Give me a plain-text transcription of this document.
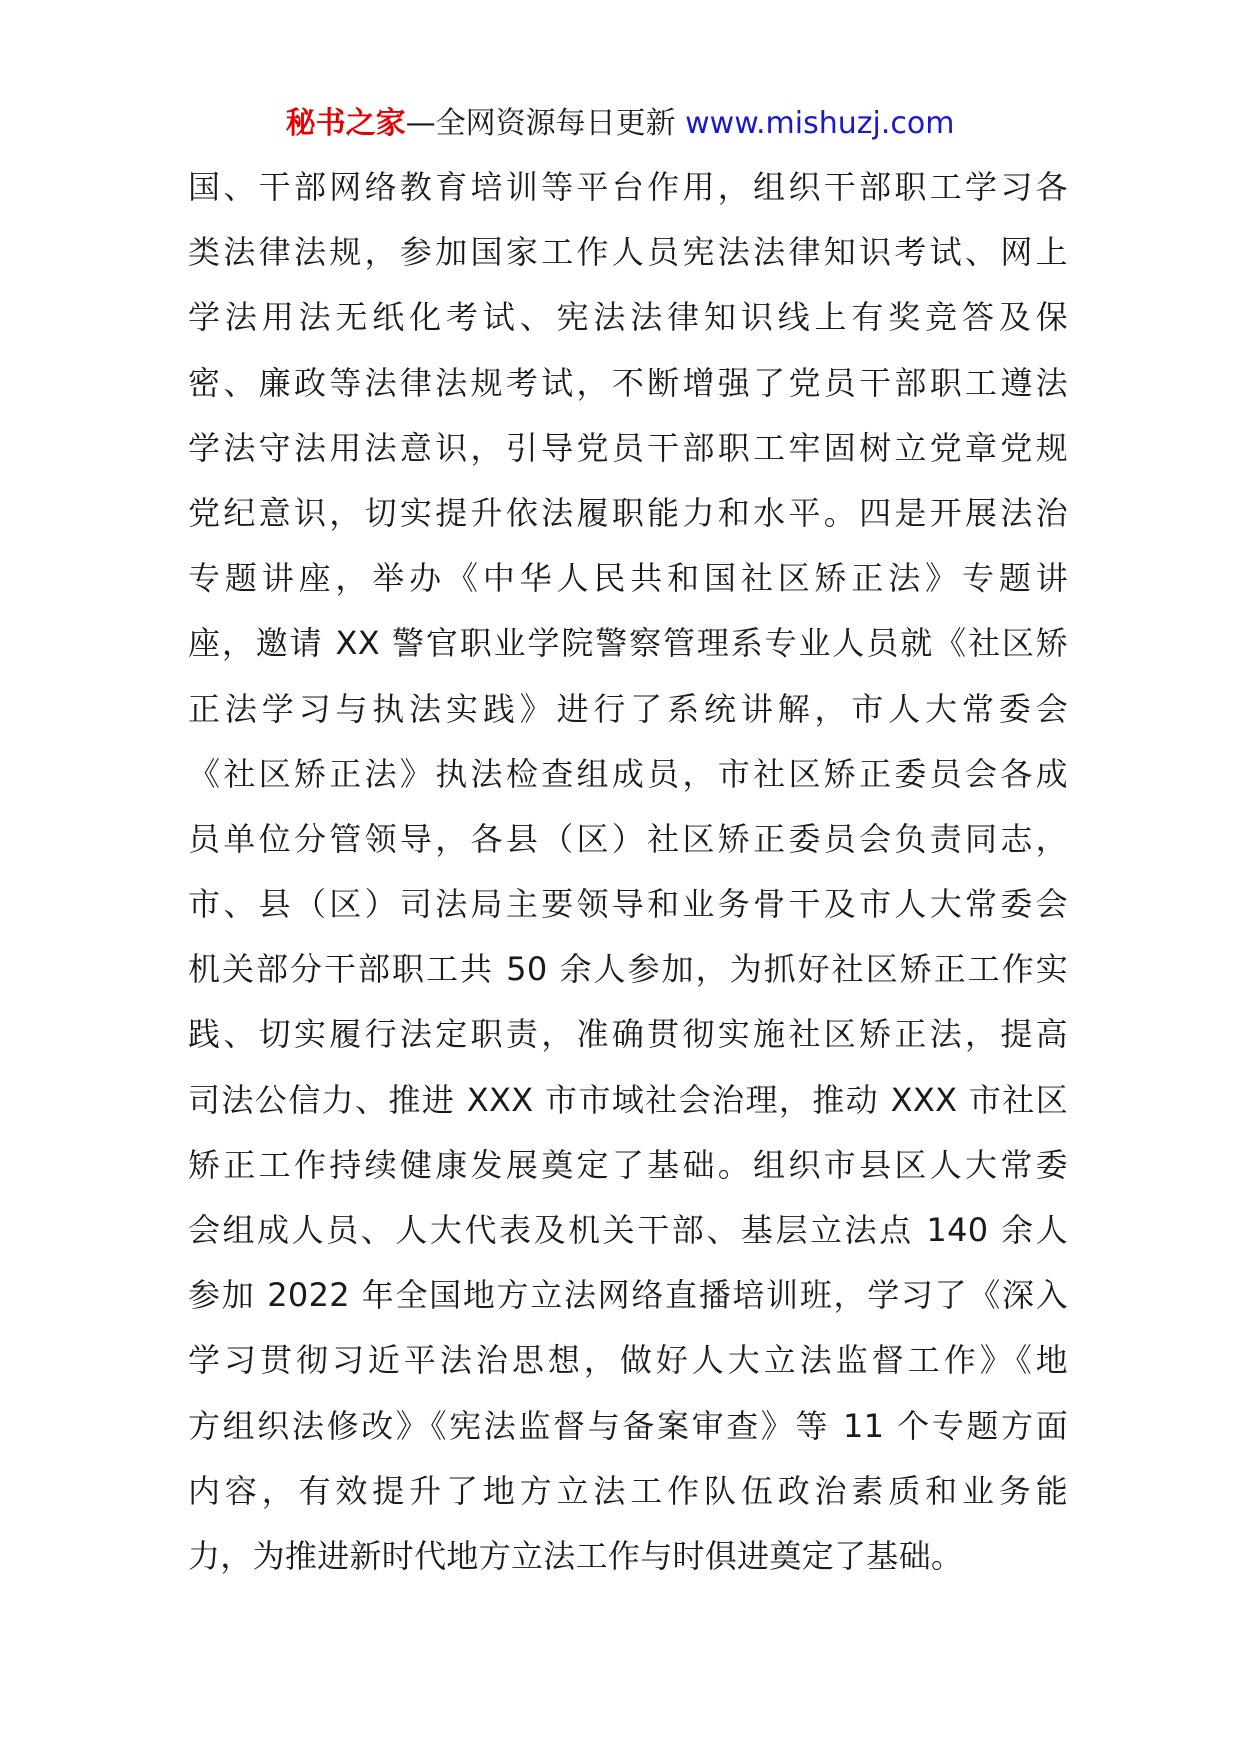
秘书之家—全网资源每日更新 www.mishuzj.com
国、干部网络教育培训等平台作用，组织干部职工学习各
类法律法规，参加国家工作人员宪法法律知识考试、网上
学法用法无纸化考试、宪法法律知识线上有奖竞答及保
密、廉政等法律法规考试，不断增强了党员干部职工遵法
学法守法用法意识，引导党员干部职工牢固树立党章党规
党纪意识，切实提升依法履职能力和水平。四是开展法治
专题讲座，举办《中华人民共和国社区矫正法》专题讲
座，邀请 XX 警官职业学院警察管理系专业人员就《社区矫
正法学习与执法实践》进行了系统讲解，市人大常委会
《社区矫正法》执法检查组成员，市社区矫正委员会各成
员单位分管领导，各县（区）社区矫正委员会负责同志，
市、县（区）司法局主要领导和业务骨干及市人大常委会
机关部分干部职工共 50 余人参加，为抓好社区矫正工作实
践、切实履行法定职责，准确贯彻实施社区矫正法，提高
司法公信力、推进 XXX 市市域社会治理，推动 XXX 市社区
矫正工作持续健康发展奠定了基础。组织市县区人大常委
会组成人员、人大代表及机关干部、基层立法点 140 余人
参加 2022 年全国地方立法网络直播培训班，学习了《深入
学习贯彻习近平法治思想，做好人大立法监督工作》《地
方组织法修改》《宪法监督与备案审查》等 11 个专题方面
内容，有效提升了地方立法工作队伍政治素质和业务能
力，为推进新时代地方立法工作与时俱进奠定了基础。
